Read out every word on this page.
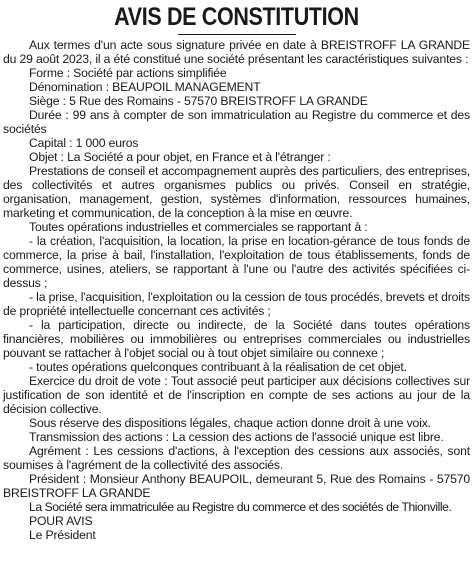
AVIS DE CONSTITUTION

Aux termes d'un acte sous signature privée en date à BREISTROFF LA GRANDE du 29 août 2023, il a été constitué une société présentant les caractéristiques suivantes :

Forme : Société par actions simplifiée

Dénomination : BEAUPOIL MANAGEMENT

Siège : 5 Rue des Romains - 57570 BREISTROFF LA GRANDE

Durée : 99 ans à compter de son immatriculation au Registre du commerce et des sociétés

Capital : 1 000 euros

Objet : La Société a pour objet, en France et à l'étranger :

Prestations de conseil et accompagnement auprès des particuliers, des entreprises, des collectivités et autres organismes publics ou privés. Conseil en stratégie, organisation, management, gestion, systèmes d'information, ressources humaines, marketing et communication, de la conception à la mise en œuvre.

Toutes opérations industrielles et commerciales se rapportant à :

- la création, l'acquisition, la location, la prise en location-gérance de tous fonds de commerce, la prise à bail, l'installation, l'exploitation de tous établissements, fonds de commerce, usines, ateliers, se rapportant à l'une ou l'autre des activités spécifiées ci-dessus ;

- la prise, l'acquisition, l'exploitation ou la cession de tous procédés, brevets et droits de propriété intellectuelle concernant ces activités ;

- la participation, directe ou indirecte, de la Société dans toutes opérations financières, mobilières ou immobilières ou entreprises commerciales ou industrielles pouvant se rattacher à l'objet social ou à tout objet similaire ou connexe ;

- toutes opérations quelconques contribuant à la réalisation de cet objet.

Exercice du droit de vote : Tout associé peut participer aux décisions collectives sur justification de son identité et de l'inscription en compte de ses actions au jour de la décision collective.

Sous réserve des dispositions légales, chaque action donne droit à une voix.

Transmission des actions : La cession des actions de l'associé unique est libre.

Agrément : Les cessions d'actions, à l'exception des cessions aux associés, sont soumises à l'agrément de la collectivité des associés.

Président : Monsieur Anthony BEAUPOIL, demeurant 5, Rue des Romains - 57570 BREISTROFF LA GRANDE

La Société sera immatriculée au Registre du commerce et des sociétés de Thionville.

POUR AVIS

Le Président
